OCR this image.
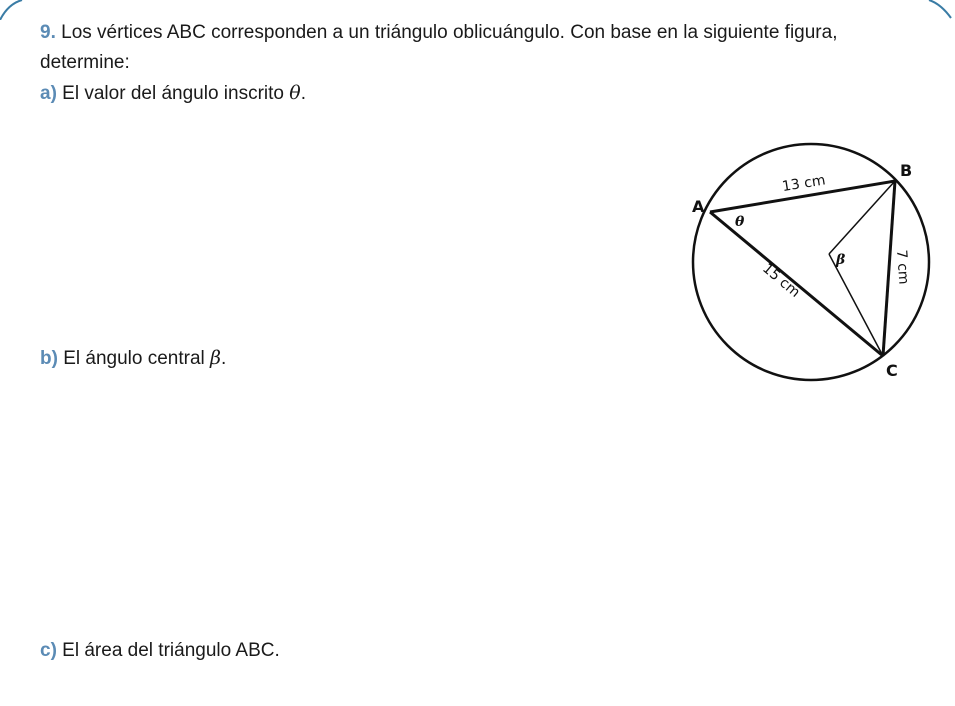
9. Los vértices ABC corresponden a un triángulo oblicuángulo. Con base en la siguiente figura, determine:
a) El valor del ángulo inscrito θ.
b) El ángulo central β.
c) El área del triángulo ABC.
A
B
C
13 cm
7 cm
15 cm
θ
β
